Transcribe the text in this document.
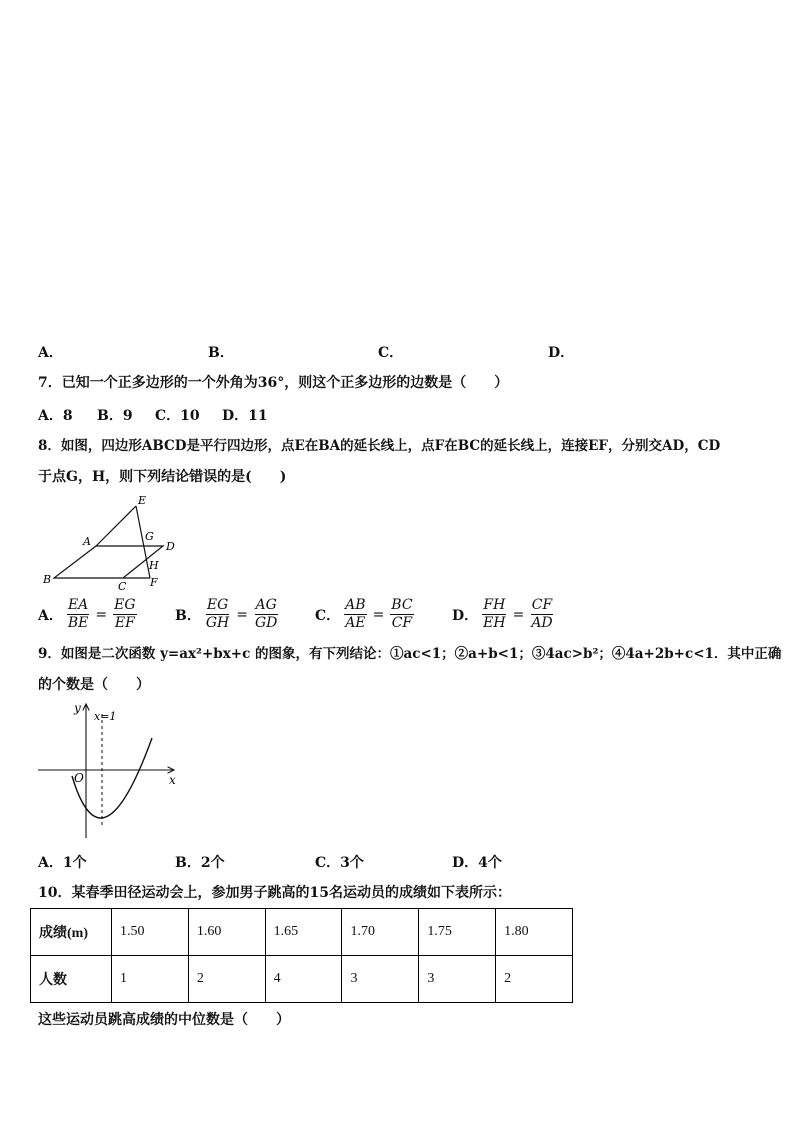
A．	B．	C．	D．
7．已知一个正多边形的一个外角为36°，则这个正多边形的边数是（　　）
A．8 B．9 C．10 D．11
8．如图，四边形ABCD是平行四边形，点E在BA的延长线上，点F在BC的延长线上，连接EF，分别交AD，CD
于点G，H，则下列结论错误的是(　　)
E
A	G
D
H
B
C F
A． $\frac{EA}{BE} = \frac{EG}{EF}$	B． $\frac{EG}{GH} = \frac{AG}{GD}$	C． $\frac{AB}{AE} = \frac{BC}{CF}$	D． $\frac{FH}{EH} = \frac{CF}{AD}$
9．如图是二次函数 y=ax²+bx+c 的图象，有下列结论：①ac<1；②a+b<1；③4ac>b²；④4a+2b+c<1．其中正确
的个数是（　　）
y
x=1
O	x
A．1个	B．2个	C．3个	D．4个
10．某春季田径运动会上，参加男子跳高的15名运动员的成绩如下表所示：
成绩(m)	1.50	1.60	1.65	1.70	1.75	1.80
人数	1	2	4	3	3	2
这些运动员跳高成绩的中位数是（　　）
